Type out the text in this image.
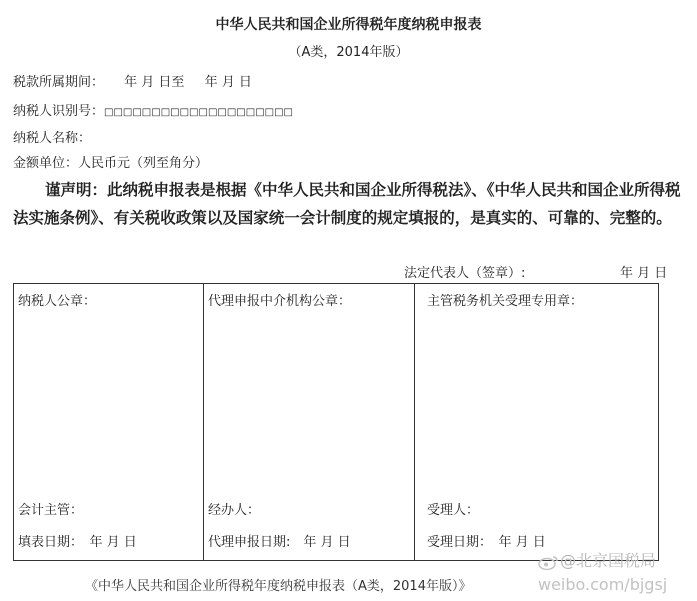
中华人民共和国企业所得税年度纳税申报表
（A类，2014年版）
税款所属期间： 年 月 日至 年 月 日
纳税人识别号：□□□□□□□□□□□□□□□□□□□□
纳税人名称：
金额单位：人民币元（列至角分）
谨声明：此纳税申报表是根据《中华人民共和国企业所得税法》、《中华人民共和国企业所得税法实施条例》、有关税收政策以及国家统一会计制度的规定填报的，是真实的、可靠的、完整的。
法定代表人（签章）:	年 月 日
纳税人公章：
会计主管：
填表日期：　年 月 日

代理申报中介机构公章：
经办人：
代理申报日期:　年 月 日

主管税务机关受理专用章：
受理人：
受理日期：　年 月 日
《中华人民共和国企业所得税年度纳税申报表（A类，2014年版）》
@北京国税局
weibo.com/bjgsj
